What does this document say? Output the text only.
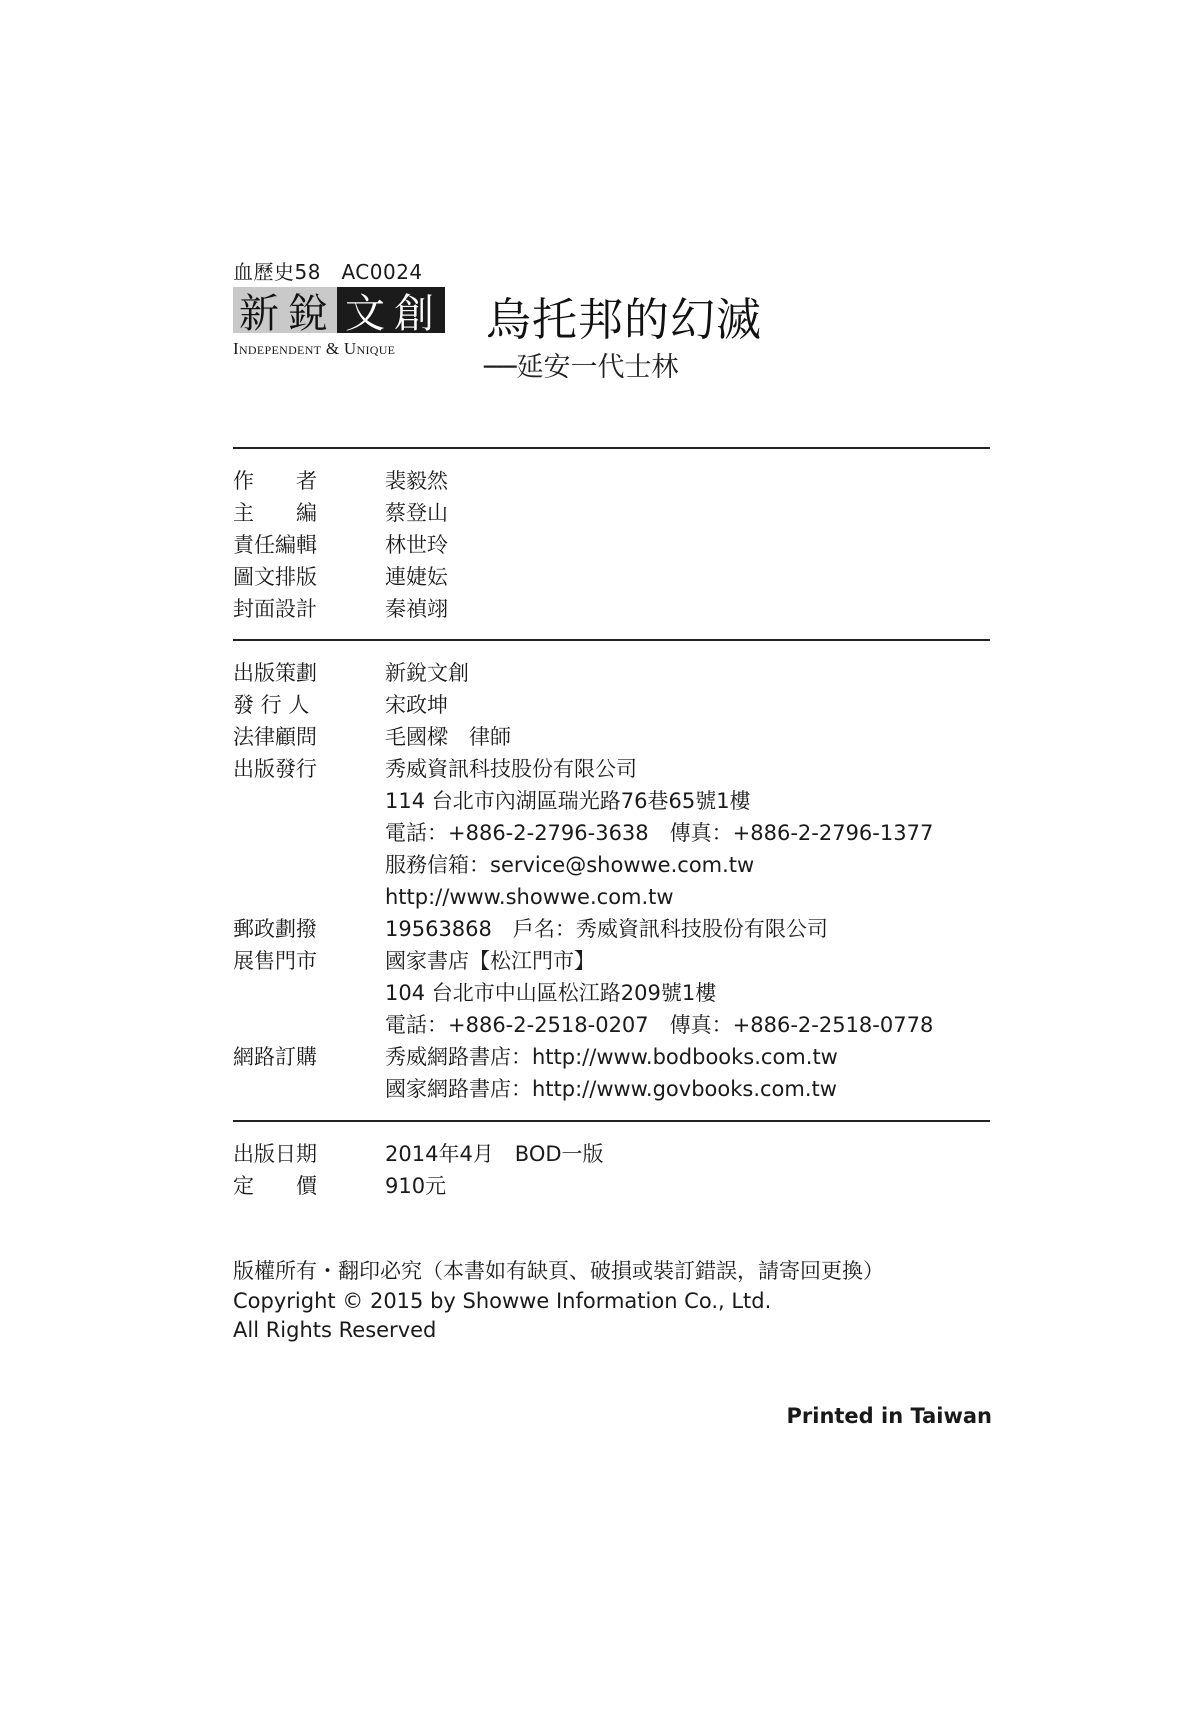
血歷史58　AC0024
新銳 文創
Independent & Unique
烏托邦的幻滅
──延安一代士林
作　　者	裴毅然
主　　編	蔡登山
責任編輯	林世玲
圖文排版	連婕妘
封面設計	秦禎翊
出版策劃	新銳文創
發 行 人	宋政坤
法律顧問	毛國樑　律師
出版發行	秀威資訊科技股份有限公司
114 台北市內湖區瑞光路76巷65號1樓
電話：+886-2-2796-3638　傳真：+886-2-2796-1377
服務信箱：service@showwe.com.tw
http://www.showwe.com.tw
郵政劃撥	19563868　戶名：秀威資訊科技股份有限公司
展售門市	國家書店【松江門市】
104 台北市中山區松江路209號1樓
電話：+886-2-2518-0207　傳真：+886-2-2518-0778
網路訂購	秀威網路書店：http://www.bodbooks.com.tw
國家網路書店：http://www.govbooks.com.tw
出版日期	2014年4月　BOD一版
定　　價	910元
版權所有・翻印必究（本書如有缺頁、破損或裝訂錯誤，請寄回更換）
Copyright © 2015 by Showwe Information Co., Ltd.
All Rights Reserved
Printed in Taiwan
